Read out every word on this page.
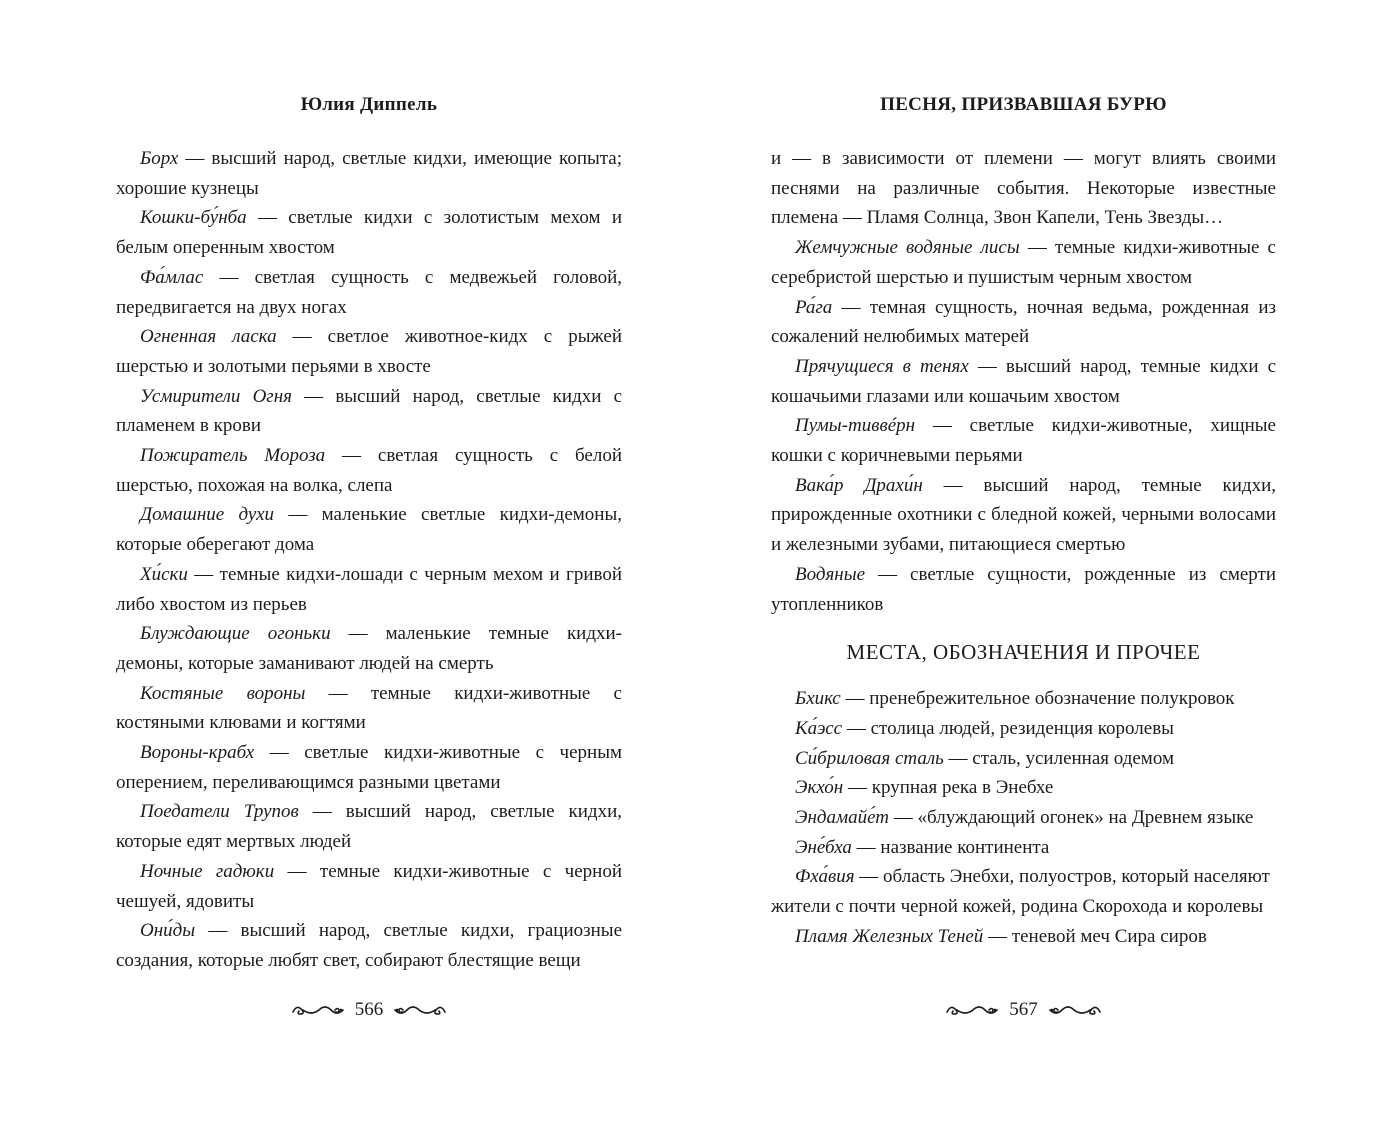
Юлия Диппель

Борх — высший народ, светлые кидхи, имеющие копыта; хорошие кузнецы

Кошки-бу́нба — светлые кидхи с золотистым мехом и белым оперенным хвостом

Фа́млас — светлая сущность с медвежьей головой, передвигается на двух ногах

Огненная ласка — светлое животное-кидх с рыжей шерстью и золотыми перьями в хвосте

Усмирители Огня — высший народ, светлые кидхи с пламенем в крови

Пожиратель Мороза — светлая сущность с белой шерстью, похожая на волка, слепа

Домашние духи — маленькие светлые кидхи-демоны, которые оберегают дома

Хи́ски — темные кидхи-лошади с черным мехом и гривой либо хвостом из перьев

Блуждающие огоньки — маленькие темные кидхи-демоны, которые заманивают людей на смерть

Костяные вороны — темные кидхи-животные с костяными клювами и когтями

Вороны-крабх — светлые кидхи-животные с черным оперением, переливающимся разными цветами

Поедатели Трупов — высший народ, светлые кидхи, которые едят мертвых людей

Ночные гадюки — темные кидхи-животные с черной чешуей, ядовиты

Они́ды — высший народ, светлые кидхи, грациозные создания, которые любят свет, собирают блестящие вещи

566
ПЕСНЯ, ПРИЗВАВШАЯ БУРЮ

и — в зависимости от племени — могут влиять своими песнями на различные события. Некоторые известные племена — Пламя Солнца, Звон Капели, Тень Звезды…

Жемчужные водяные лисы — темные кидхи-животные с серебристой шерстью и пушистым черным хвостом

Ра́га — темная сущность, ночная ведьма, рожденная из сожалений нелюбимых матерей

Прячущиеся в тенях — высший народ, темные кидхи с кошачьими глазами или кошачьим хвостом

Пумы-тиввéрн — светлые кидхи-животные, хищные кошки с коричневыми перьями

Вака́р Драхи́н — высший народ, темные кидхи, прирожденные охотники с бледной кожей, черными волосами и железными зубами, питающиеся смертью

Водяные — светлые сущности, рожденные из смерти утопленников

МЕСТА, ОБОЗНАЧЕНИЯ И ПРОЧЕЕ

Бхикс — пренебрежительное обозначение полукровок

Ка́эсс — столица людей, резиденция королевы

Си́бриловая сталь — сталь, усиленная одемом

Экхо́н — крупная река в Энебхе

Эндамайе́т — «блуждающий огонек» на Древнем языке

Эне́бха — название континента

Фха́вия — область Энебхи, полуостров, который населяют жители с почти черной кожей, родина Скорохода и королевы

Пламя Железных Теней — теневой меч Сира сиров

567
